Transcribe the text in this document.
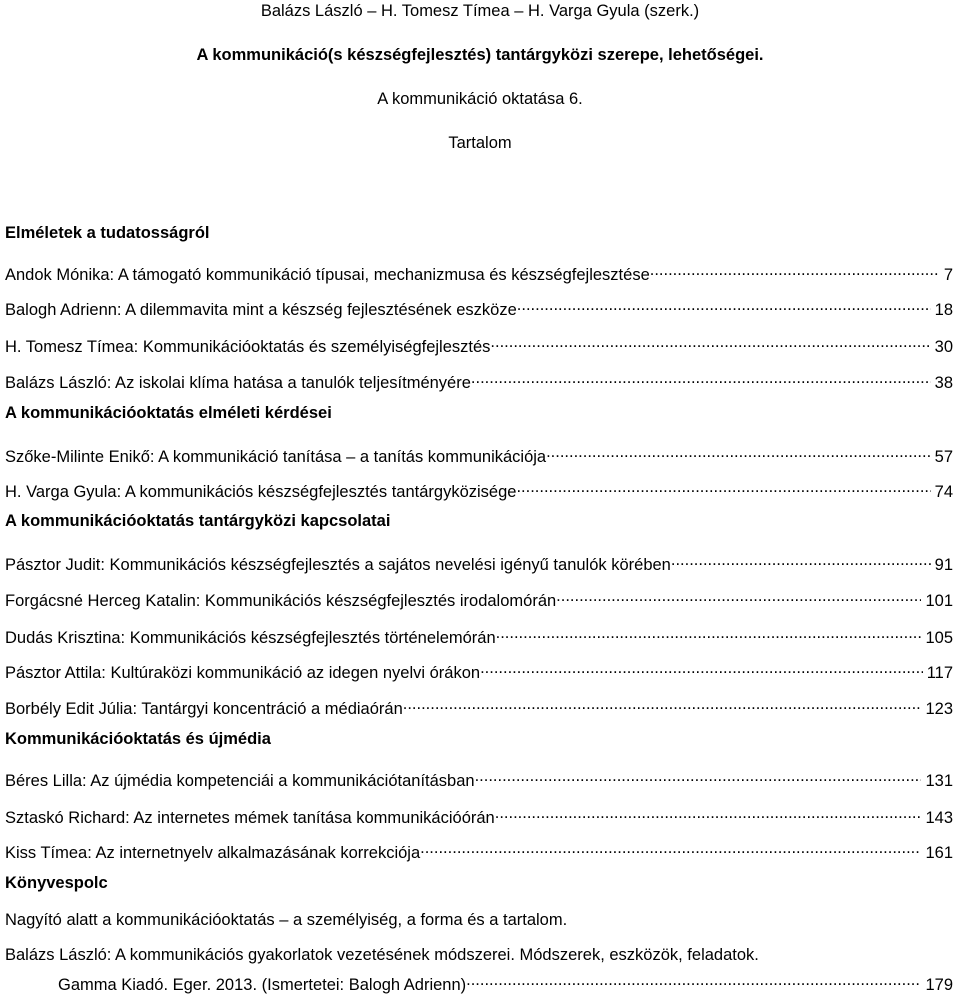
Balázs László – H. Tomesz Tímea – H. Varga Gyula (szerk.)
A kommunikáció(s készségfejlesztés) tantárgyközi szerepe, lehetőségei.
A kommunikáció oktatása 6.
Tartalom
Elméletek a tudatosságról
Andok Mónika: A támogató kommunikáció típusai, mechanizmusa és készségfejlesztése .....	7
Balogh Adrienn: A dilemmavita mint a készség fejlesztésének eszköze .....	18
H. Tomesz Tímea: Kommunikációoktatás és személyiségfejlesztés .....	30
Balázs László: Az iskolai klíma hatása a tanulók teljesítményére .....	38
A kommunikációoktatás elméleti kérdései
Szőke-Milinte Enikő: A kommunikáció tanítása – a tanítás kommunikációja .....	57
H. Varga Gyula: A kommunikációs készségfejlesztés tantárgyközisége .....	74
A kommunikációoktatás tantárgyközi kapcsolatai
Pásztor Judit: Kommunikációs készségfejlesztés a sajátos nevelési igényű tanulók körében .....	91
Forgácsné Herceg Katalin: Kommunikációs készségfejlesztés irodalomórán .....	101
Dudás Krisztina: Kommunikációs készségfejlesztés történelemórán .....	105
Pásztor Attila: Kultúraközi kommunikáció az idegen nyelvi órákon .....	117
Borbély Edit Júlia: Tantárgyi koncentráció a médiaórán .....	123
Kommunikációoktatás és újmédia
Béres Lilla: Az újmédia kompetenciái a kommunikációtanításban .....	131
Sztaskó Richard: Az internetes mémek tanítása kommunikációórán .....	143
Kiss Tímea: Az internetnyelv alkalmazásának korrekciója .....	161
Könyvespolc
Nagyító alatt a kommunikációoktatás – a személyiség, a forma és a tartalom.
Balázs László: A kommunikációs gyakorlatok vezetésének módszerei. Módszerek, eszközök, feladatok.
Gamma Kiadó. Eger. 2013. (Ismertetei: Balogh Adrienn) .....	179
